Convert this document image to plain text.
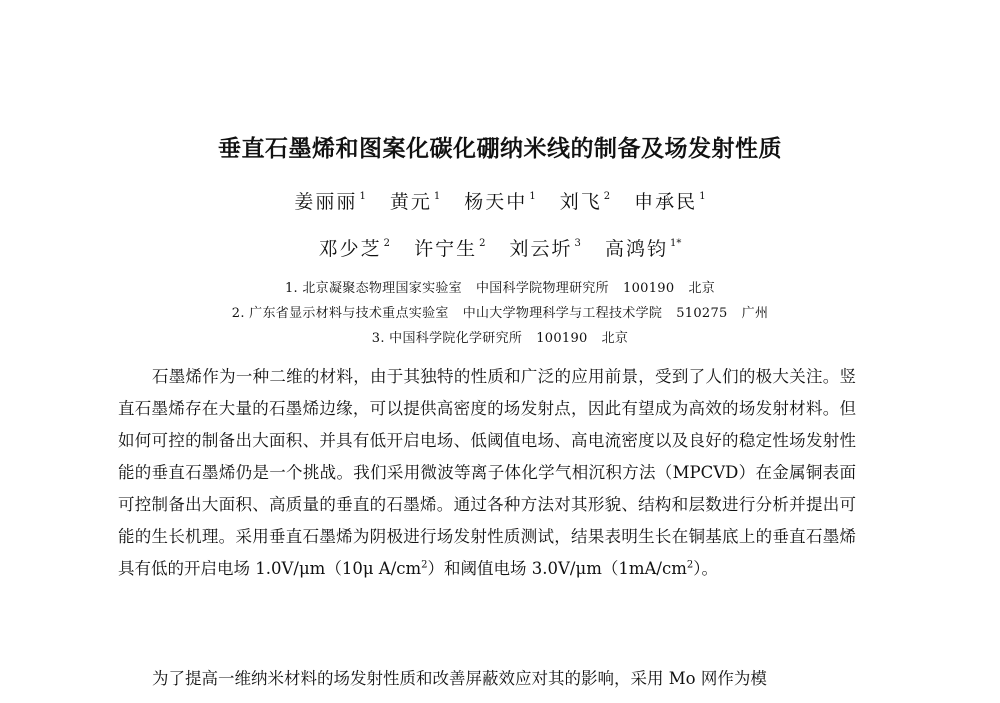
垂直石墨烯和图案化碳化硼纳米线的制备及场发射性质
姜丽丽 $^1$ 黄元 $^1$ 杨天中 $^1$ 刘飞 $^2$ 申承民 $^1$
邓少芝 $^2$ 许宁生 $^2$ 刘云圻 $^3$ 高鸿钧 $^{1*}$
1. 北京凝聚态物理国家实验室 中国科学院物理研究所 100190 北京
2. 广东省显示材料与技术重点实验室 中山大学物理科学与工程技术学院 510275 广州
3. 中国科学院化学研究所 100190 北京

石墨烯作为一种二维的材料，由于其独特的性质和广泛的应用前景，受到了人们的极大关注。竖直石墨烯存在大量的石墨烯边缘，可以提供高密度的场发射点，因此有望成为高效的场发射材料。但如何可控的制备出大面积、并具有低开启电场、低阈值电场、高电流密度以及良好的稳定性场发射性能的垂直石墨烯仍是一个挑战。我们采用微波等离子体化学气相沉积方法（MPCVD）在金属铜表面可控制备出大面积、高质量的垂直的石墨烯。通过各种方法对其形貌、结构和层数进行分析并提出可能的生长机理。采用垂直石墨烯为阴极进行场发射性质测试，结果表明生长在铜基底上的垂直石墨烯具有低的开启电场 1.0V/μm（10μ $A/cm^2$）和阈值电场 $3.0V/\mu m(1mA/cm^2)$。

为了提高一维纳米材料的场发射性质和改善屏蔽效应对其的影响，采用 Mo 网作为模
